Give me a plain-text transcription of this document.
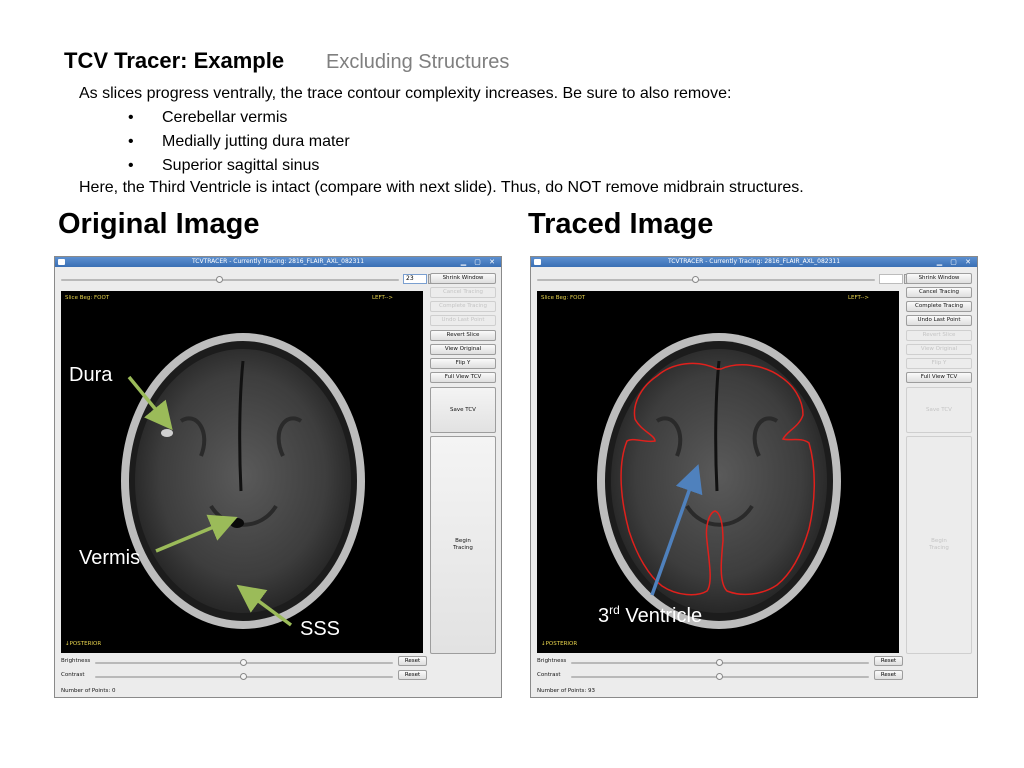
TCV Tracer: Example Excluding Structures
As slices progress ventrally, the trace contour complexity increases. Be sure to also remove:
• Cerebellar vermis
• Medially jutting dura mater
• Superior sagittal sinus
Here, the Third Ventricle is intact (compare with next slide). Thus, do NOT remove midbrain structures.
Original Image	Traced Image
TCVTRACER - Currently Tracing: 2816_FLAIR_AXL_082311	▁ ▢ ✕
23	Shrink Window
Cancel Tracing
Complete Tracing
Undo Last Point
Revert Slice
View Original
Flip Y
Full View TCV
Save TCV
Begin
Tracing
Slice Beg: FOOT	LEFT-->
↓POSTERIOR
Brightness	Reset
Contrast	Reset
Number of Points: 0
TCVTRACER - Currently Tracing: 2816_FLAIR_AXL_082311	▁ ▢ ✕
Shrink Window
Cancel Tracing
Complete Tracing
Undo Last Point
Revert Slice
View Original
Flip Y
Full View TCV
Save TCV
Begin
Tracing
Slice Beg: FOOT	LEFT-->
↓POSTERIOR
Brightness	Reset
Contrast	Reset
Number of Points: 93
Dura
Vermis
SSS
3rd Ventricle
